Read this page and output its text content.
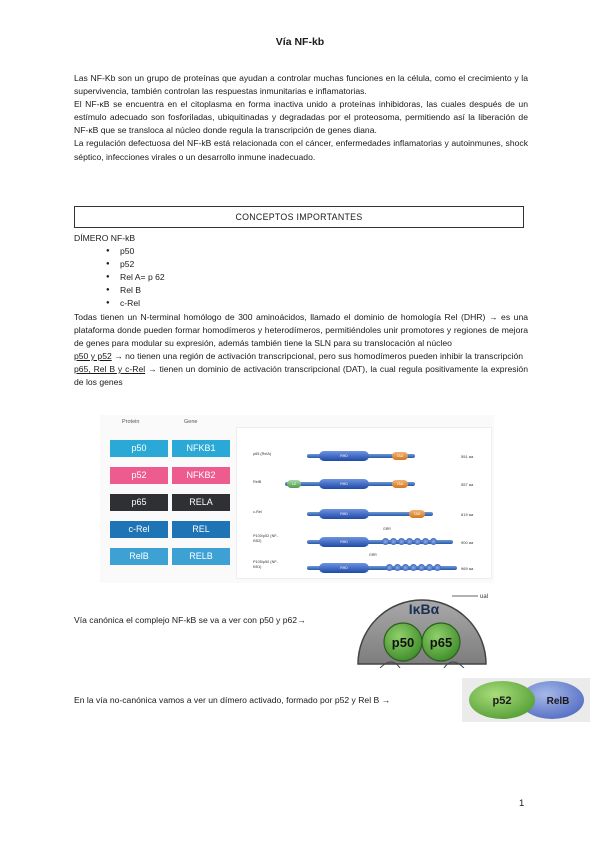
Vía NF-kb

Las NF-Kb son un grupo de proteínas que ayudan a controlar muchas funciones en la célula, como el crecimiento y la supervivencia, también controlan las respuestas inmunitarias e inflamatorias.

El NF-κB se encuentra en el citoplasma en forma inactiva unido a proteínas inhibidoras, las cuales después de un estímulo adecuado son fosforiladas, ubiquitinadas y degradadas por el proteosoma, permitiendo así la liberación de NF-κB que se transloca al núcleo donde regula la transcripción de genes diana.

La regulación defectuosa del NF-kB está relacionada con el cáncer, enfermedades inflamatorias y autoinmunes, shock séptico, infecciones virales o un desarrollo inmune inadecuado.

CONCEPTOS IMPORTANTES

DÍMERO NF-kB

● p50
● p52
● Rel A= p 62
● Rel B
● c-Rel

Todas tienen un N-terminal homólogo de 300 aminoácidos, llamado el dominio de homología Rel (DHR) → es una plataforma donde pueden formar homodímeros y heterodímeros, permitiéndoles unir promotores y regiones de mejora de genes para modular su expresión, además también tiene la SLN para su translocación al núcleo

p50 y p52 → no tienen una región de activación transcripcional, pero sus homodímeros pueden inhibir la transcripción

p65, Rel B y c-Rel → tienen un dominio de activación transcripcional (DAT), la cual regula positivamente la expresión de los genes

Protein	Gene
p50	NFKB1
p52	NFKB2
p65	RELA
c-Rel	REL
RelB	RELB
p65 (RelA)	RHD	TAD	551 aa
RelB	LZ	RHD	TAD	557 aa
c-Rel	RHD	TAD	619 aa
P100/p52 (NF-KB2)
GRR
RHD	900 aa
P105/p50 (NF-KB1)
GRR
RHD	969 aa
Vía canónica el complejo NF-kB se va a ver con p50 y p62→
IκBα
ual
p50 p65
En la vía no-canónica vamos a ver un dímero activado, formado por p52 y Rel B →	p52	RelB
1
